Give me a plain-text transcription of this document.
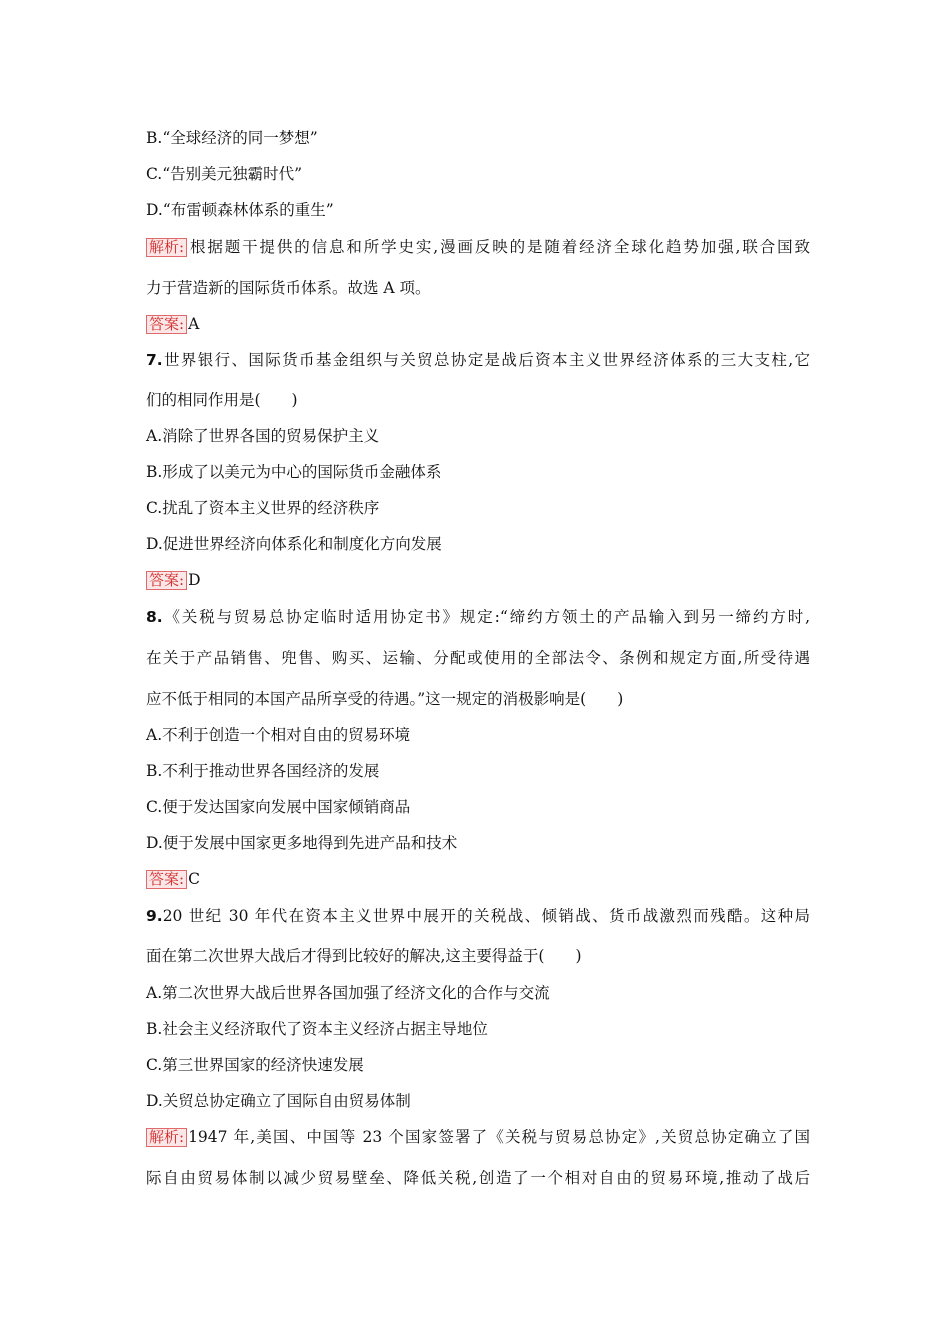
B.“全球经济的同一梦想”
C.“告别美元独霸时代”
D.“布雷顿森林体系的重生”
解析: 根据题干提供的信息和所学史实,漫画反映的是随着经济全球化趋势加强,联合国致
力于营造新的国际货币体系。故选 A 项。
答案: A
7.世界银行、国际货币基金组织与关贸总协定是战后资本主义世界经济体系的三大支柱,它
们的相同作用是(　　)
A.消除了世界各国的贸易保护主义
B.形成了以美元为中心的国际货币金融体系
C.扰乱了资本主义世界的经济秩序
D.促进世界经济向体系化和制度化方向发展
答案: D
8.《关税与贸易总协定临时适用协定书》规定:“缔约方领土的产品输入到另一缔约方时,
在关于产品销售、兜售、购买、运输、分配或使用的全部法令、条例和规定方面,所受待遇
应不低于相同的本国产品所享受的待遇。”这一规定的消极影响是(　　)
A.不利于创造一个相对自由的贸易环境
B.不利于推动世界各国经济的发展
C.便于发达国家向发展中国家倾销商品
D.便于发展中国家更多地得到先进产品和技术
答案: C
9.20 世纪 30 年代在资本主义世界中展开的关税战、倾销战、货币战激烈而残酷。这种局
面在第二次世界大战后才得到比较好的解决,这主要得益于(　　)
A.第二次世界大战后世界各国加强了经济文化的合作与交流
B.社会主义经济取代了资本主义经济占据主导地位
C.第三世界国家的经济快速发展
D.关贸总协定确立了国际自由贸易体制
解析: 1947 年,美国、中国等 23 个国家签署了《关税与贸易总协定》,关贸总协定确立了国
际自由贸易体制以减少贸易壁垒、降低关税,创造了一个相对自由的贸易环境,推动了战后
